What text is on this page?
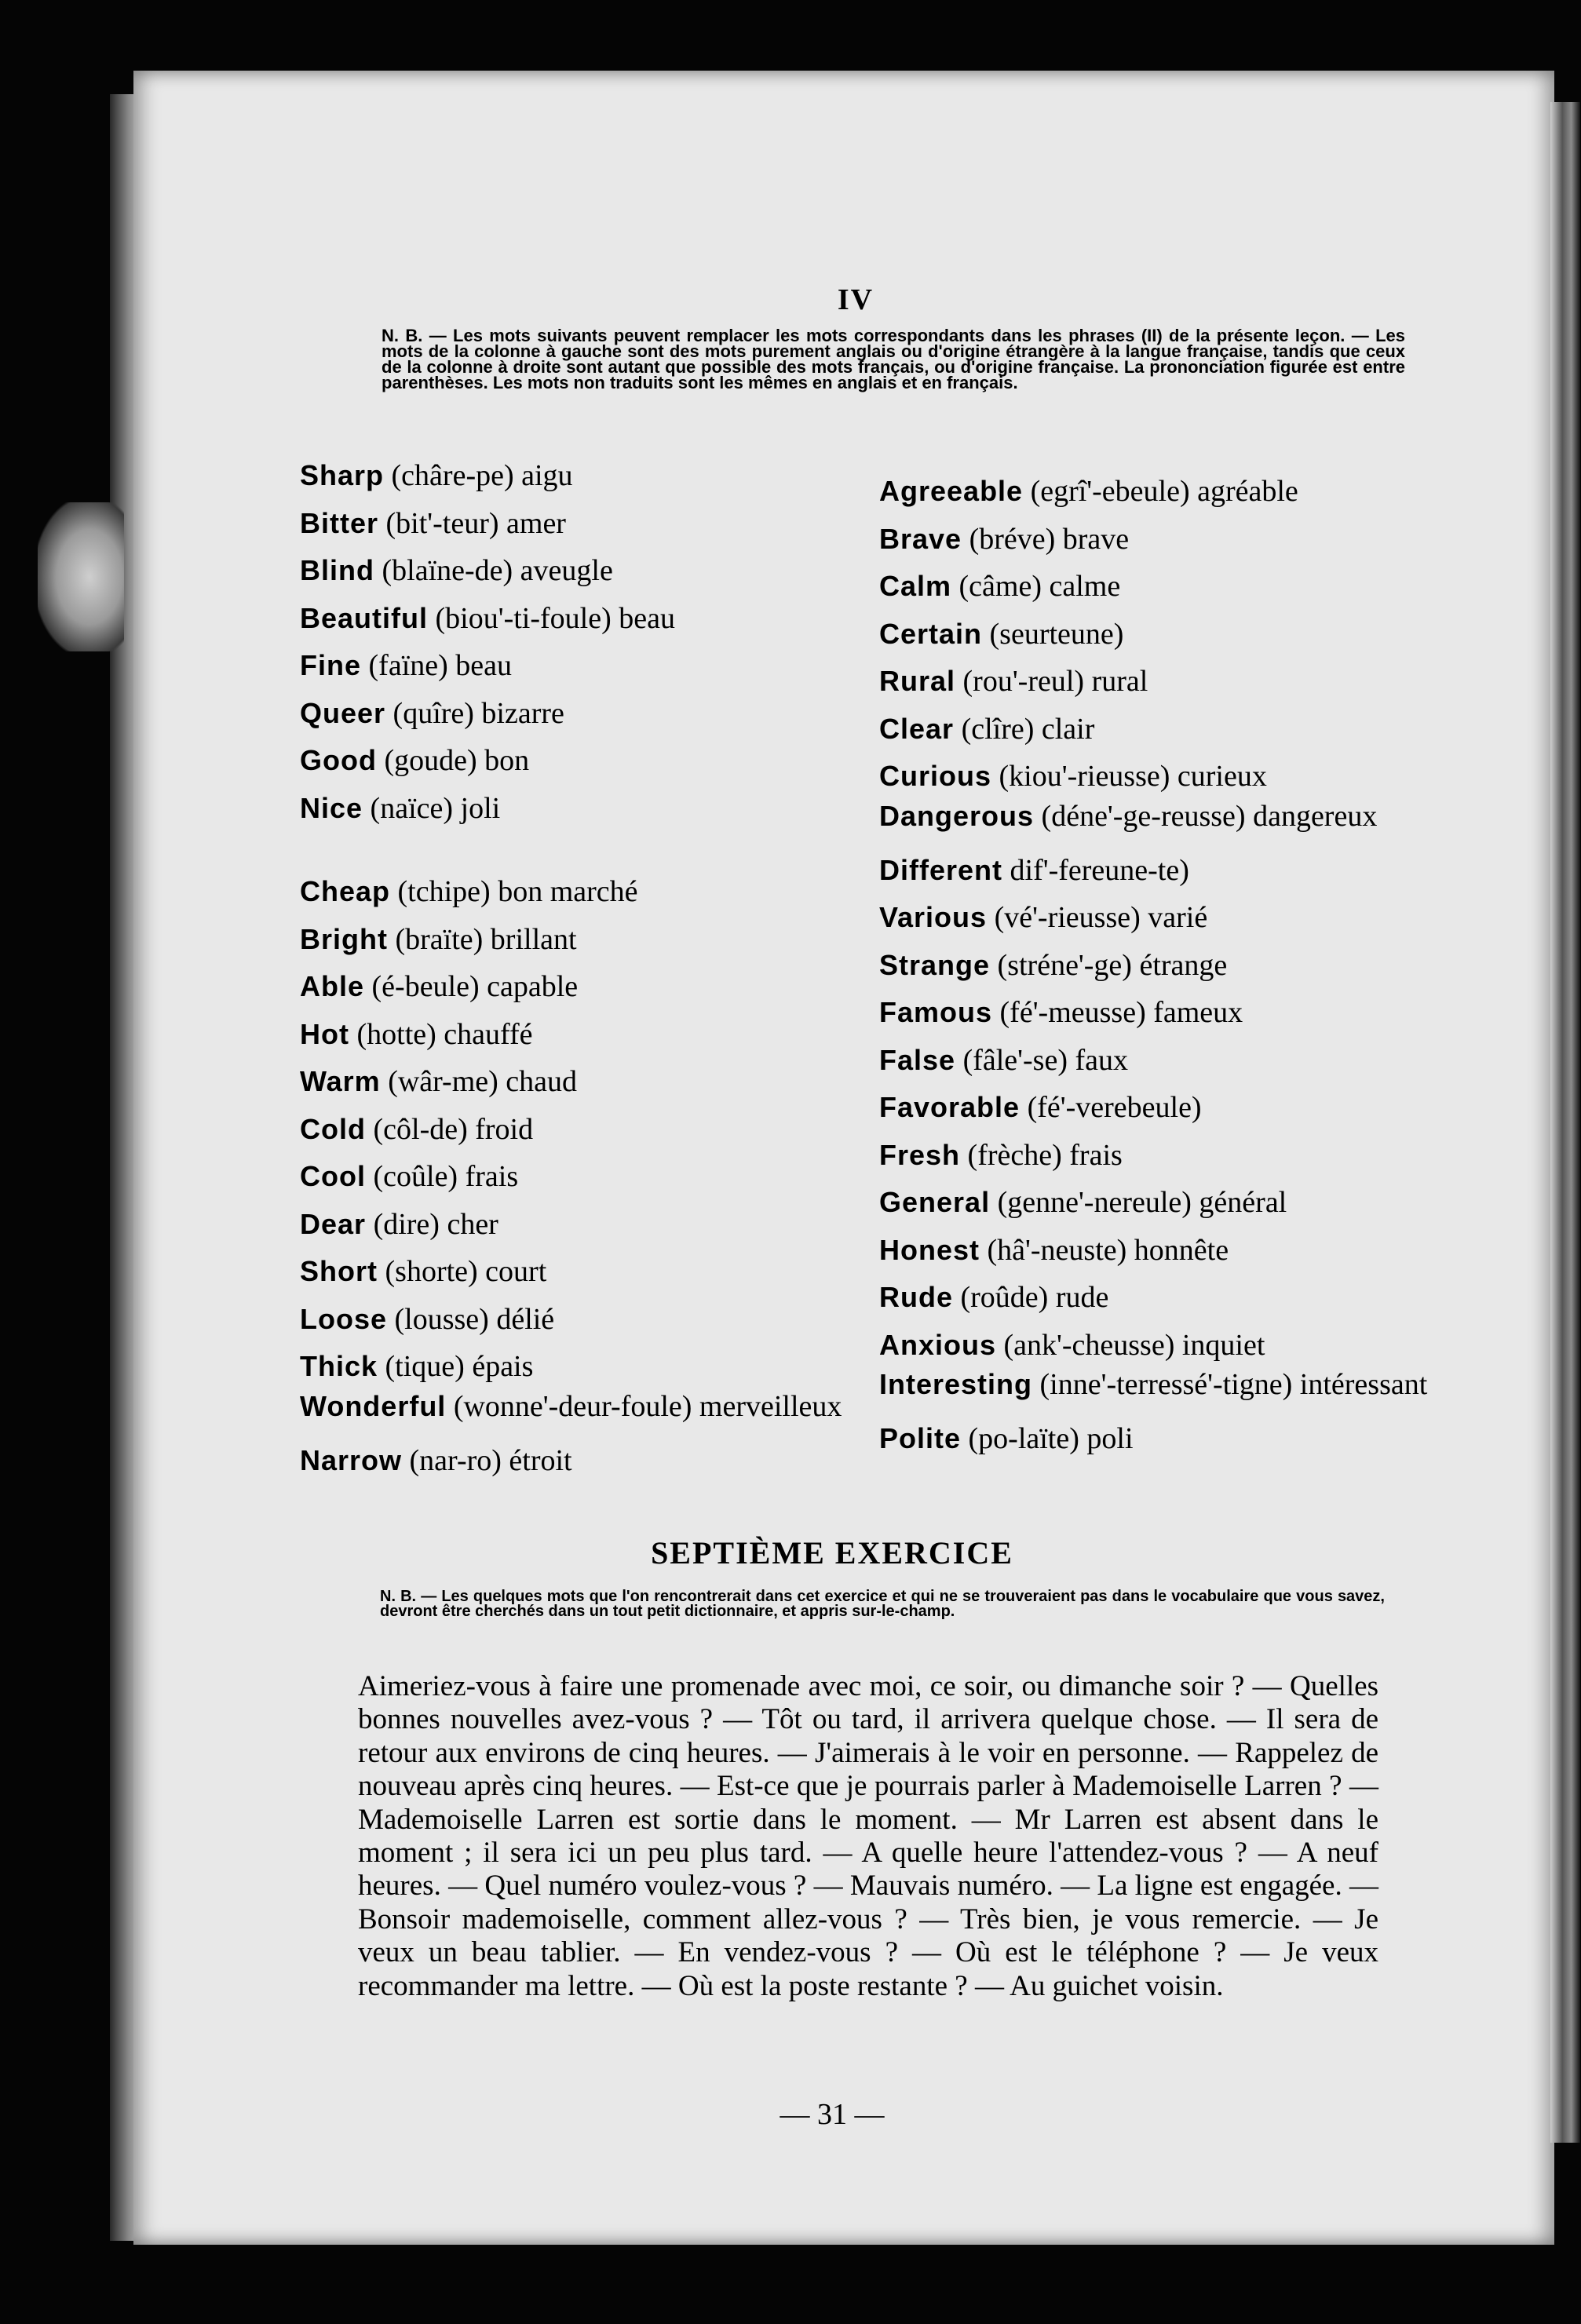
IV
N. B. — Les mots suivants peuvent remplacer les mots correspondants dans les phrases (II) de la présente leçon. — Les mots de la colonne à gauche sont des mots purement anglais ou d'origine étrangère à la langue française, tandis que ceux de la colonne à droite sont autant que possible des mots français, ou d'origine française. La prononciation figurée est entre parenthèses. Les mots non traduits sont les mêmes en anglais et en français.
Sharp (châre-pe) aigu
Bitter (bit'-teur) amer
Blind (blaïne-de) aveugle
Beautiful (biou'-ti-foule) beau
Fine (faïne) beau
Queer (quîre) bizarre
Good (goude) bon
Nice (naïce) joli
Cheap (tchipe) bon marché
Bright (braïte) brillant
Able (é-beule) capable
Hot (hotte) chauffé
Warm (wâr-me) chaud
Cold (côl-de) froid
Cool (coûle) frais
Dear (dire) cher
Short (shorte) court
Loose (lousse) délié
Thick (tique) épais
Wonderful (wonne'-deur-foule) merveilleux
Narrow (nar-ro) étroit
Agreeable (egrî'-ebeule) agréable
Brave (bréve) brave
Calm (câme) calme
Certain (seurteune)
Rural (rou'-reul) rural
Clear (clîre) clair
Curious (kiou'-rieusse) curieux
Dangerous (déne'-ge-reusse) dangereux
Different dif'-fereune-te)
Various (vé'-rieusse) varié
Strange (stréne'-ge) étrange
Famous (fé'-meusse) fameux
False (fâle'-se) faux
Favorable (fé'-verebeule)
Fresh (frèche) frais
General (genne'-nereule) général
Honest (hâ'-neuste) honnête
Rude (roûde) rude
Anxious (ank'-cheusse) inquiet
Interesting (inne'-terressé'-tigne) intéressant
Polite (po-laïte) poli
SEPTIÈME EXERCICE
N. B. — Les quelques mots que l'on rencontrerait dans cet exercice et qui ne se trouveraient pas dans le vocabulaire que vous savez, devront être cherchés dans un tout petit dictionnaire, et appris sur-le-champ.
Aimeriez-vous à faire une promenade avec moi, ce soir, ou dimanche soir ? — Quelles bonnes nouvelles avez-vous ? — Tôt ou tard, il arrivera quelque chose. — Il sera de retour aux environs de cinq heures. — J'aimerais à le voir en personne. — Rappelez de nouveau après cinq heures. — Est-ce que je pourrais parler à Mademoiselle Larren ? — Mademoiselle Larren est sortie dans le moment. — Mr Larren est absent dans le moment ; il sera ici un peu plus tard. — A quelle heure l'attendez-vous ? — A neuf heures. — Quel numéro voulez-vous ? — Mauvais numéro. — La ligne est engagée. — Bonsoir mademoiselle, comment allez-vous ? — Très bien, je vous remercie. — Je veux un beau tablier. — En vendez-vous ? — Où est le téléphone ? — Je veux recommander ma lettre. — Où est la poste restante ? — Au guichet voisin.
— 31 —
